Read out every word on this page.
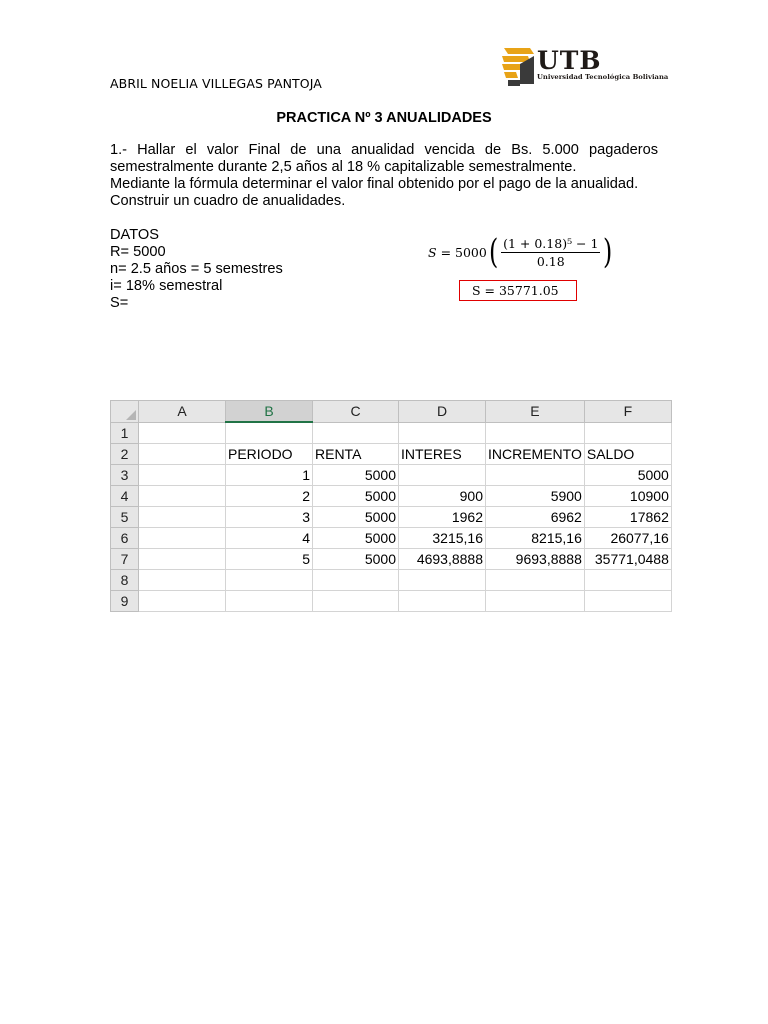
ABRIL NOELIA VILLEGAS PANTOJA
UTB
Universidad Tecnológica Boliviana
PRACTICA Nº 3 ANUALIDADES
1.- Hallar el valor Final de una anualidad vencida de Bs. 5.000 pagaderos
semestralmente durante 2,5 años al 18 % capitalizable semestralmente.
Mediante la fórmula determinar el valor final obtenido por el pago de la anualidad.
Construir un cuadro de anualidades.
DATOS
R= 5000
n= 2.5 años = 5 semestres
i= 18% semestral
S=
S = 5000 ( $\frac{\text{(1 + 0.18)⁵ − 1}}{0.18}$ )
S = 35771.05
	A	B	C	D	E	F
1						
2		PERIODO	RENTA	INTERES	INCREMENTO	SALDO
3		1	5000			5000
4		2	5000	900	5900	10900
5		3	5000	1962	6962	17862
6		4	5000	3215,16	8215,16	26077,16
7		5	5000	4693,8888	9693,8888	35771,0488
8						
9						
